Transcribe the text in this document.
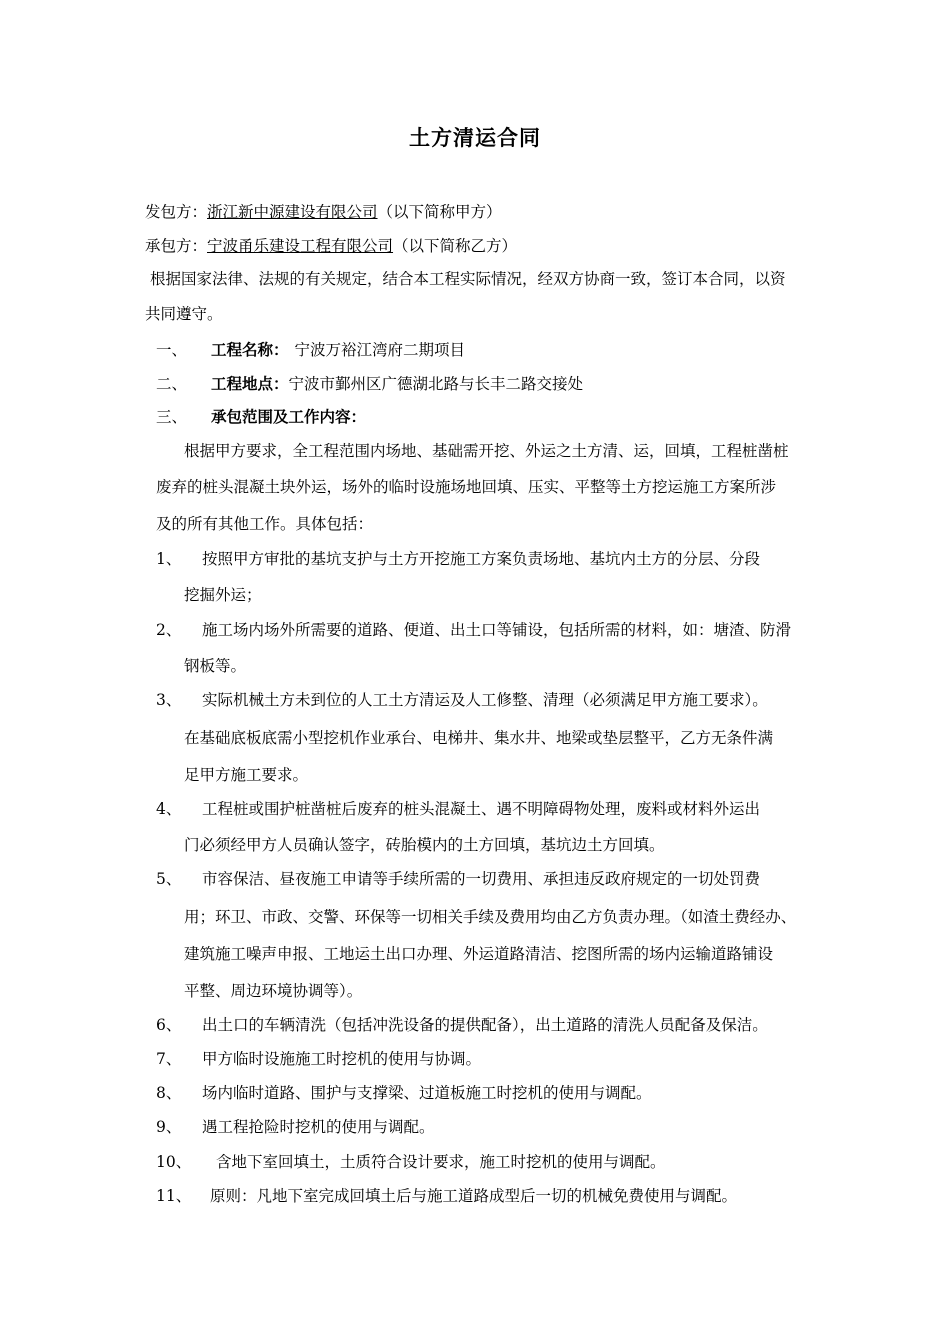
土方清运合同
发包方：浙江新中源建设有限公司（以下简称甲方）
承包方：宁波甬乐建设工程有限公司（以下简称乙方）
根据国家法律、法规的有关规定，结合本工程实际情况，经双方协商一致，签订本合同，以资
共同遵守。
一、 工程名称： 宁波万裕江湾府二期项目
二、 工程地点：宁波市鄞州区广德湖北路与长丰二路交接处
三、 承包范围及工作内容：
根据甲方要求，全工程范围内场地、基础需开挖、外运之土方清、运，回填，工程桩凿桩
废弃的桩头混凝土块外运，场外的临时设施场地回填、压实、平整等土方挖运施工方案所涉
及的所有其他工作。具体包括：
1、 按照甲方审批的基坑支护与土方开挖施工方案负责场地、基坑内土方的分层、分段
挖掘外运；
2、 施工场内场外所需要的道路、便道、出土口等铺设，包括所需的材料，如：塘渣、防滑
钢板等。
3、 实际机械土方未到位的人工土方清运及人工修整、清理（必须满足甲方施工要求）。
在基础底板底需小型挖机作业承台、电梯井、集水井、地梁或垫层整平，乙方无条件满
足甲方施工要求。
4、 工程桩或围护桩凿桩后废弃的桩头混凝土、遇不明障碍物处理，废料或材料外运出
门必须经甲方人员确认签字，砖胎模内的土方回填，基坑边土方回填。
5、 市容保洁、昼夜施工申请等手续所需的一切费用、承担违反政府规定的一切处罚费
用；环卫、市政、交警、环保等一切相关手续及费用均由乙方负责办理。（如渣土费经办、
建筑施工噪声申报、工地运土出口办理、外运道路清洁、挖图所需的场内运输道路铺设
平整、周边环境协调等）。
6、 出土口的车辆清洗（包括冲洗设备的提供配备），出土道路的清洗人员配备及保洁。
7、 甲方临时设施施工时挖机的使用与协调。
8、 场内临时道路、围护与支撑梁、过道板施工时挖机的使用与调配。
9、 遇工程抢险时挖机的使用与调配。
10、 含地下室回填土，土质符合设计要求，施工时挖机的使用与调配。
11、 原则：凡地下室完成回填土后与施工道路成型后一切的机械免费使用与调配。
